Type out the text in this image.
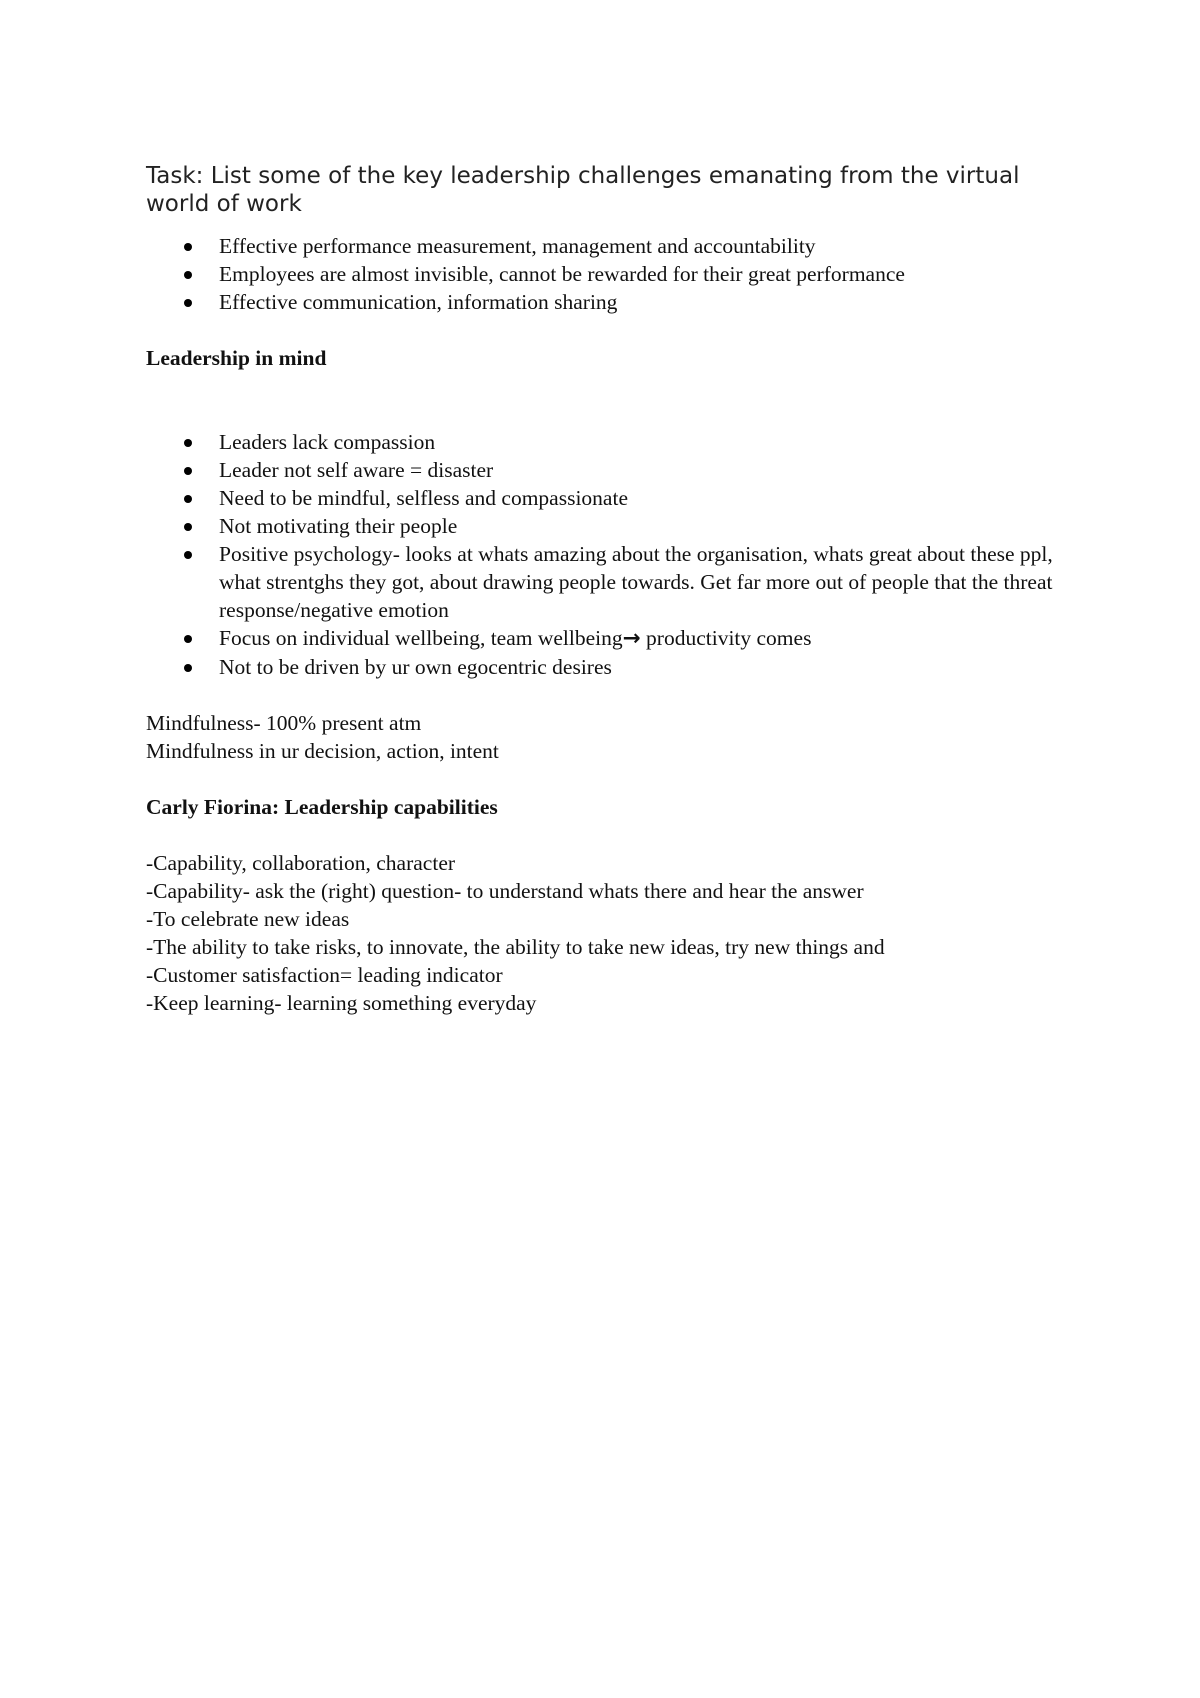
Task: List some of the key leadership challenges emanating from the virtual world of work
Effective performance measurement, management and accountability
Employees are almost invisible, cannot be rewarded for their great performance
Effective communication, information sharing

Leadership in mind

Leaders lack compassion
Leader not self aware = disaster
Need to be mindful, selfless and compassionate
Not motivating their people
Positive psychology- looks at whats amazing about the organisation, whats great about these ppl, what strentghs they got, about drawing people towards. Get far more out of people that the threat response/negative emotion
Focus on individual wellbeing, team wellbeing→ productivity comes
Not to be driven by ur own egocentric desires

Mindfulness- 100% present atm

Mindfulness in ur decision, action, intent

Carly Fiorina: Leadership capabilities

-Capability, collaboration, character

-Capability- ask the (right) question- to understand whats there and hear the answer

-To celebrate new ideas

-The ability to take risks, to innovate, the ability to take new ideas, try new things and

-Customer satisfaction= leading indicator

-Keep learning- learning something everyday
